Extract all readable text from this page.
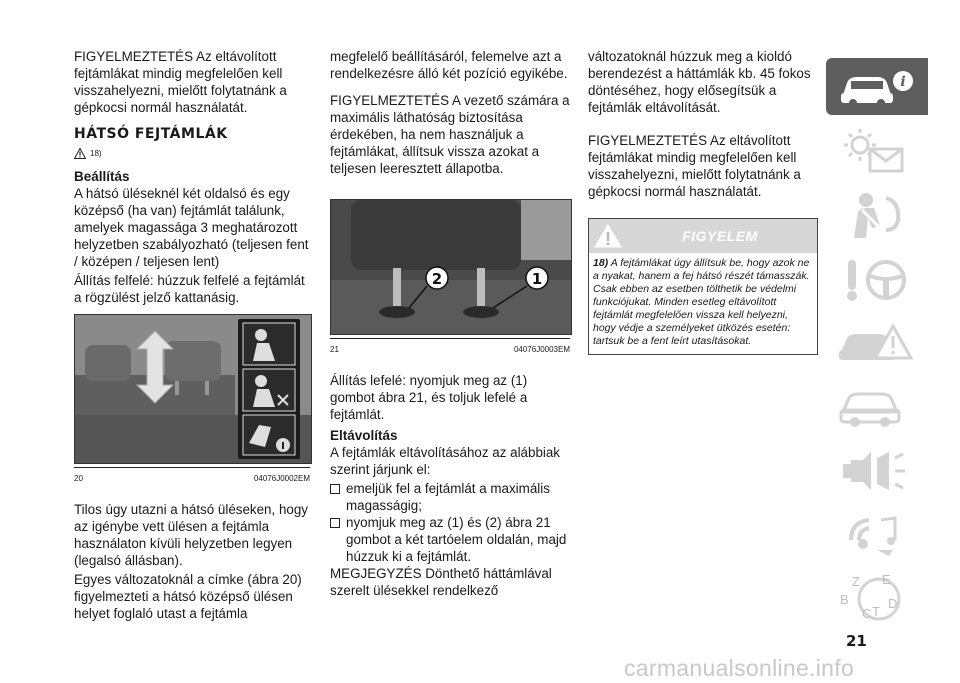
FIGYELMEZTETÉS Az eltávolított fejtámlákat mindig megfelelően kell visszahelyezni, mielőtt folytatnánk a gépkocsi normál használatát.

HÁTSÓ FEJTÁMLÁK
18)
Beállítás

A hátsó üléseknél két oldalsó és egy középső (ha van) fejtámlát találunk, amelyek magassága 3 meghatározott helyzetben szabályozható (teljesen fent / középen / teljesen lent)

Állítás felfelé: húzzuk felfelé a fejtámlát a rögzülést jelző kattanásig.

20	04076J0002EM

Tilos úgy utazni a hátsó üléseken, hogy az igénybe vett ülésen a fejtámla használaton kívüli helyzetben legyen (legalsó állásban).

Egyes változatoknál a címke (ábra 20) figyelmezteti a hátsó középső ülésen helyet foglaló utast a fejtámla

megfelelő beállításáról, felemelve azt a rendelkezésre álló két pozíció egyikébe.

FIGYELMEZTETÉS A vezető számára a maximális láthatóság biztosítása érdekében, ha nem használjuk a fejtámlákat, állítsuk vissza azokat a teljesen leeresztett állapotba.

2	1
21	04076J0003EM

Állítás lefelé: nyomjuk meg az (1) gombot ábra 21, és toljuk lefelé a fejtámlát.

Eltávolítás

A fejtámlák eltávolításához az alábbiak szerint járjunk el:

emeljük fel a fejtámlát a maximális magasságig;
nyomjuk meg az (1) és (2) ábra 21 gombot a két tartóelem oldalán, majd húzzuk ki a fejtámlát.

MEGJEGYZÉS Dönthető háttámlával szerelt ülésekkel rendelkező

változatoknál húzzuk meg a kioldó berendezést a háttámlák kb. 45 fokos döntéséhez, hogy elősegítsük a fejtámlák eltávolítását.

FIGYELMEZTETÉS Az eltávolított fejtámlákat mindig megfelelően kell visszahelyezni, mielőtt folytatnánk a gépkocsi normál használatát.

FIGYELEM
18) A fejtámlákat úgy állítsuk be, hogy azok ne a nyakat, hanem a fej hátsó részét támasszák. Csak ebben az esetben tölthetik be védelmi funkciójukat. Minden esetleg eltávolított fejtámlát megfelelően vissza kell helyezni, hogy védje a személyeket ütközés esetén: tartsuk be a fent leírt utasításokat.
i
Z E
B
C T
D
21
carmanualsonline.info
